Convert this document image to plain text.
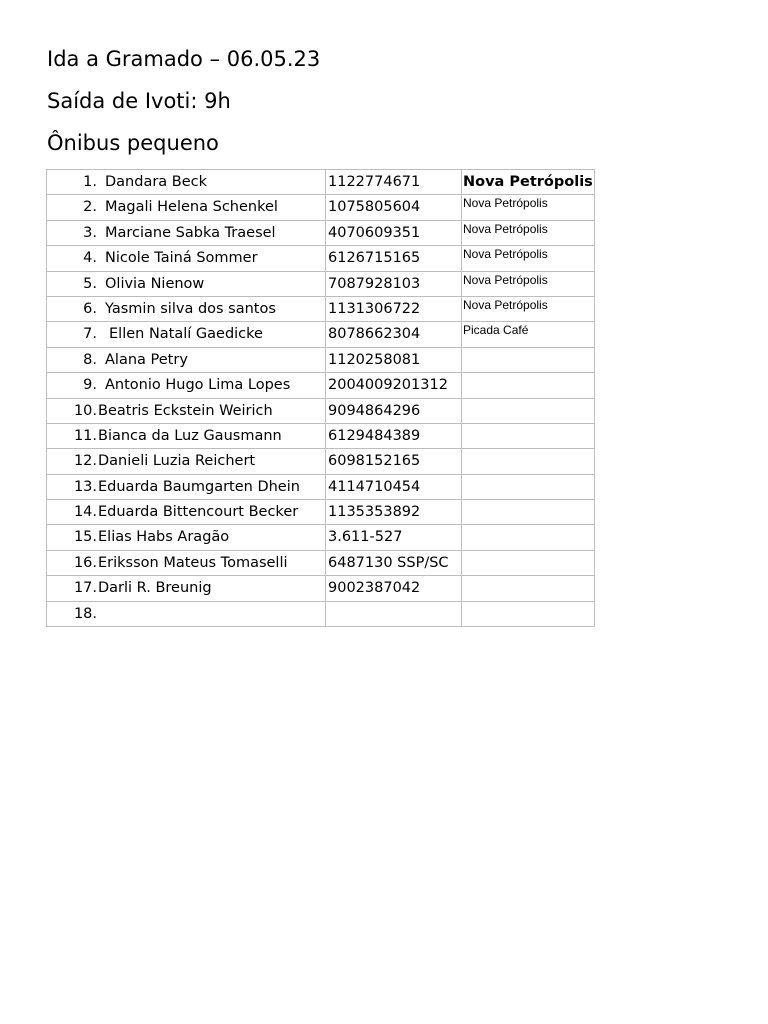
Ida a Gramado – 06.05.23
Saída de Ivoti: 9h
Ônibus pequeno
1. Dandara Beck	1122774671	Nova Petrópolis
2. Magali Helena Schenkel	1075805604	Nova Petrópolis
3. Marciane Sabka Traesel	4070609351	Nova Petrópolis
4. Nicole Tainá Sommer	6126715165	Nova Petrópolis
5. Olivia Nienow	7087928103	Nova Petrópolis
6. Yasmin silva dos santos	1131306722	Nova Petrópolis
7. Ellen Natalí Gaedicke	8078662304	Picada Café
8. Alana Petry	1120258081	
9. Antonio Hugo Lima Lopes	2004009201312	
10.Beatris Eckstein Weirich	9094864296	
11.Bianca da Luz Gausmann	6129484389	
12.Danieli Luzia Reichert	6098152165	
13.Eduarda Baumgarten Dhein	4114710454	
14.Eduarda Bittencourt Becker	1135353892	
15.Elias Habs Aragão	3.611-527	
16.Eriksson Mateus Tomaselli	6487130 SSP/SC	
17.Darli R. Breunig	9002387042	
18.		
